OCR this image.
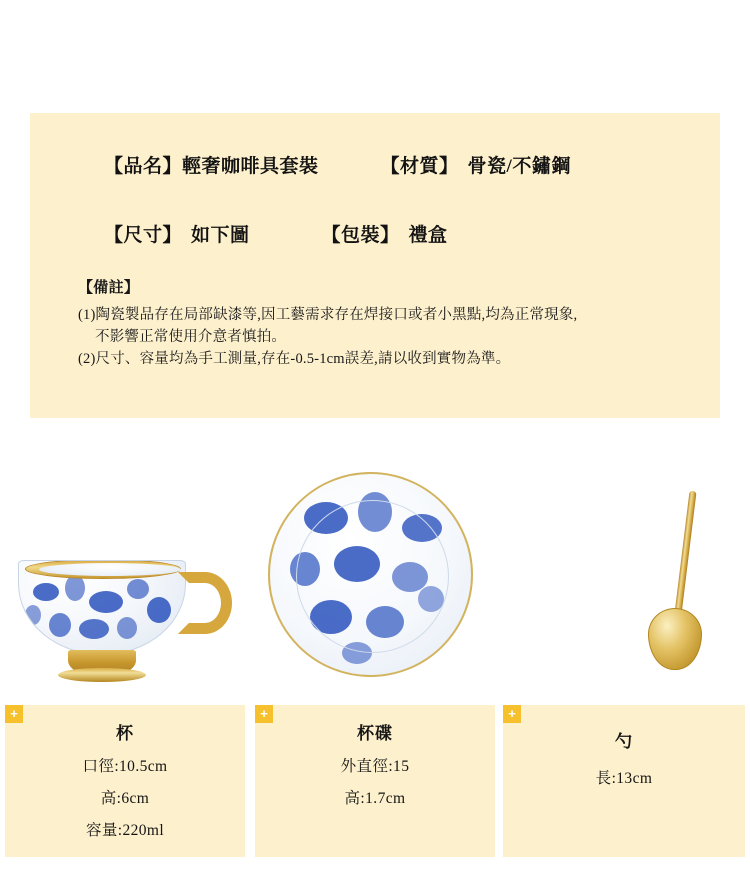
【品名】 輕奢咖啡具套裝	【材質】 骨瓷/不鏽鋼
【尺寸】 如下圖	【包裝】 禮盒
【備註】
(1)陶瓷製品存在局部缺漆等,因工藝需求存在焊接口或者小黑點,均為正常現象,
不影響正常使用介意者慎拍。
(2)尺寸、容量均為手工測量,存在-0.5-1cm誤差,請以收到實物為準。
+
杯
口徑:10.5cm
高:6cm
容量:220ml
+
杯碟
外直徑:15
高:1.7cm
+
勺
長:13cm
